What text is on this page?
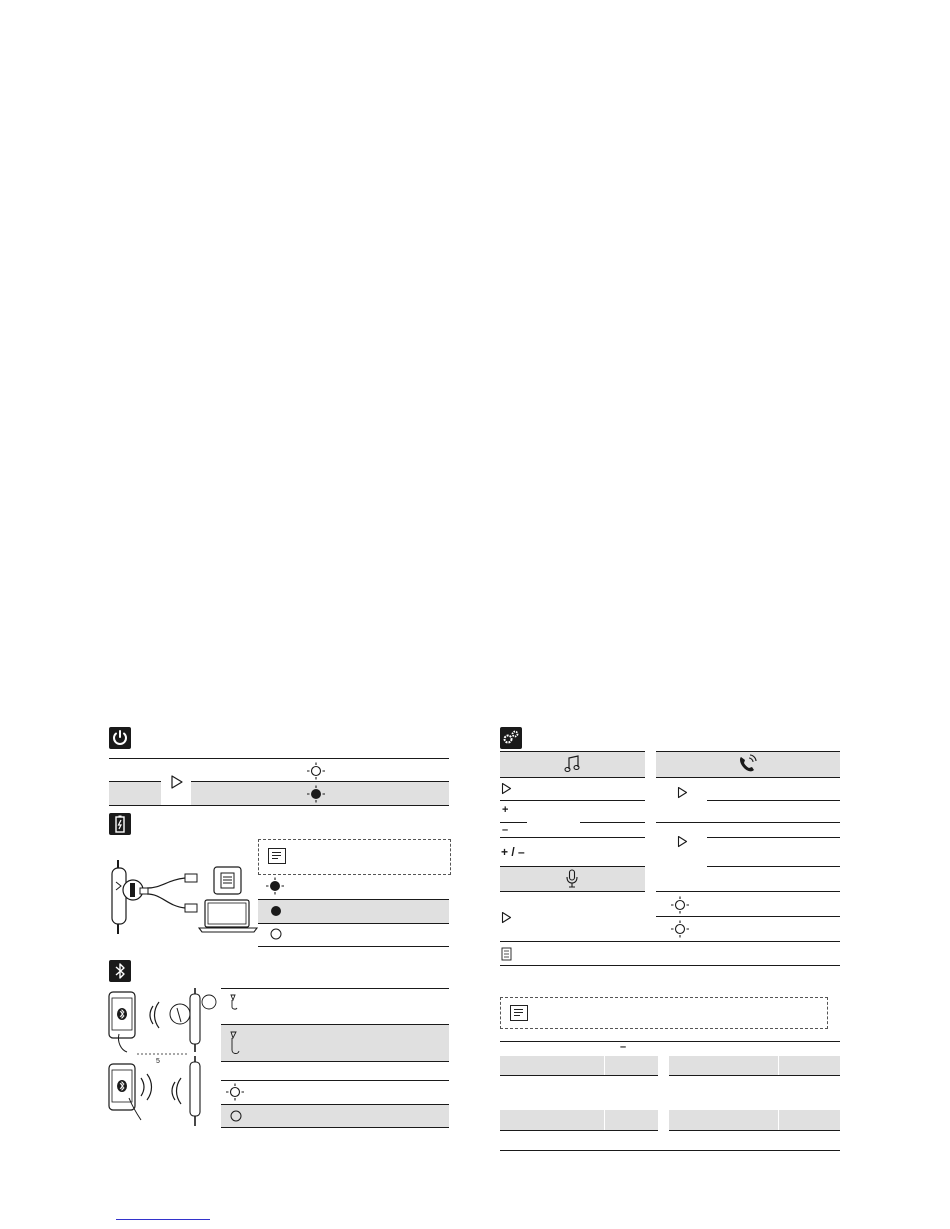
5
+
–
+ / –
–
